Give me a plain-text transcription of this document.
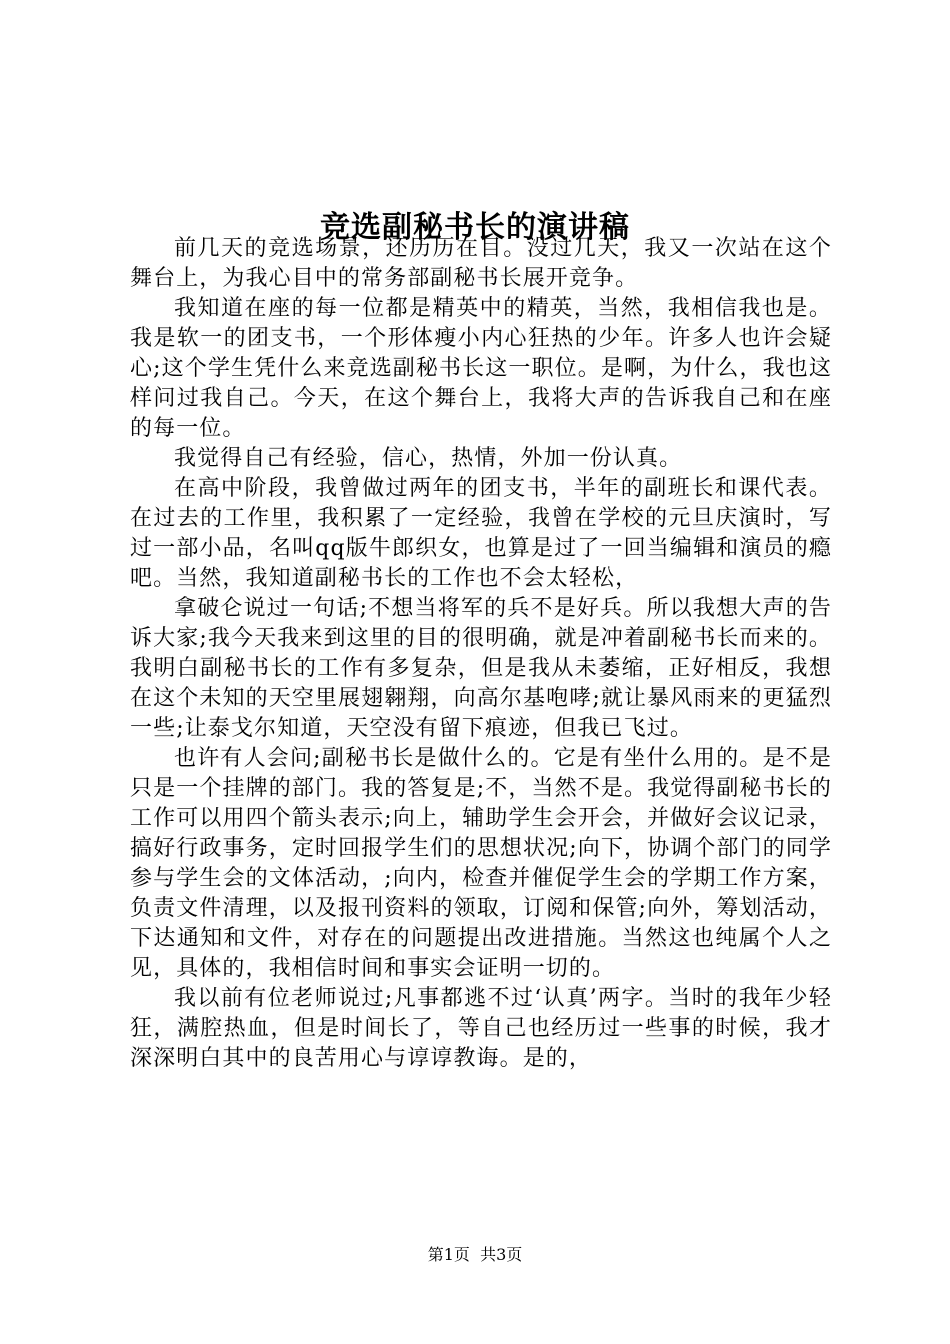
竞选副秘书长的演讲稿

前几天的竞选场景，还历历在目。没过几天，我又一次站在这个舞台上，为我心目中的常务部副秘书长展开竞争。

我知道在座的每一位都是精英中的精英，当然，我相信我也是。我是软一的团支书，一个形体瘦小内心狂热的少年。许多人也许会疑心;这个学生凭什么来竞选副秘书长这一职位。是啊，为什么，我也这样问过我自己。今天，在这个舞台上，我将大声的告诉我自己和在座的每一位。

我觉得自己有经验，信心，热情，外加一份认真。

在高中阶段，我曾做过两年的团支书，半年的副班长和课代表。在过去的工作里，我积累了一定经验，我曾在学校的元旦庆演时，写过一部小品，名叫qq版牛郎织女，也算是过了一回当编辑和演员的瘾吧。当然，我知道副秘书长的工作也不会太轻松，

拿破仑说过一句话;不想当将军的兵不是好兵。所以我想大声的告诉大家;我今天我来到这里的目的很明确，就是冲着副秘书长而来的。我明白副秘书长的工作有多复杂，但是我从未萎缩，正好相反，我想在这个未知的天空里展翅翱翔，向高尔基咆哮;就让暴风雨来的更猛烈一些;让泰戈尔知道，天空没有留下痕迹，但我已飞过。

也许有人会问;副秘书长是做什么的。它是有坐什么用的。是不是只是一个挂牌的部门。我的答复是;不，当然不是。我觉得副秘书长的工作可以用四个箭头表示;向上，辅助学生会开会，并做好会议记录，搞好行政事务，定时回报学生们的思想状况;向下，协调个部门的同学参与学生会的文体活动，;向内，检查并催促学生会的学期工作方案，负责文件清理，以及报刊资料的领取，订阅和保管;向外，筹划活动，下达通知和文件，对存在的问题提出改进措施。当然这也纯属个人之见，具体的，我相信时间和事实会证明一切的。

我以前有位老师说过;凡事都逃不过‘认真’两字。当时的我年少轻狂，满腔热血，但是时间长了，等自己也经历过一些事的时候，我才深深明白其中的良苦用心与谆谆教诲。是的，

第1页  共3页
